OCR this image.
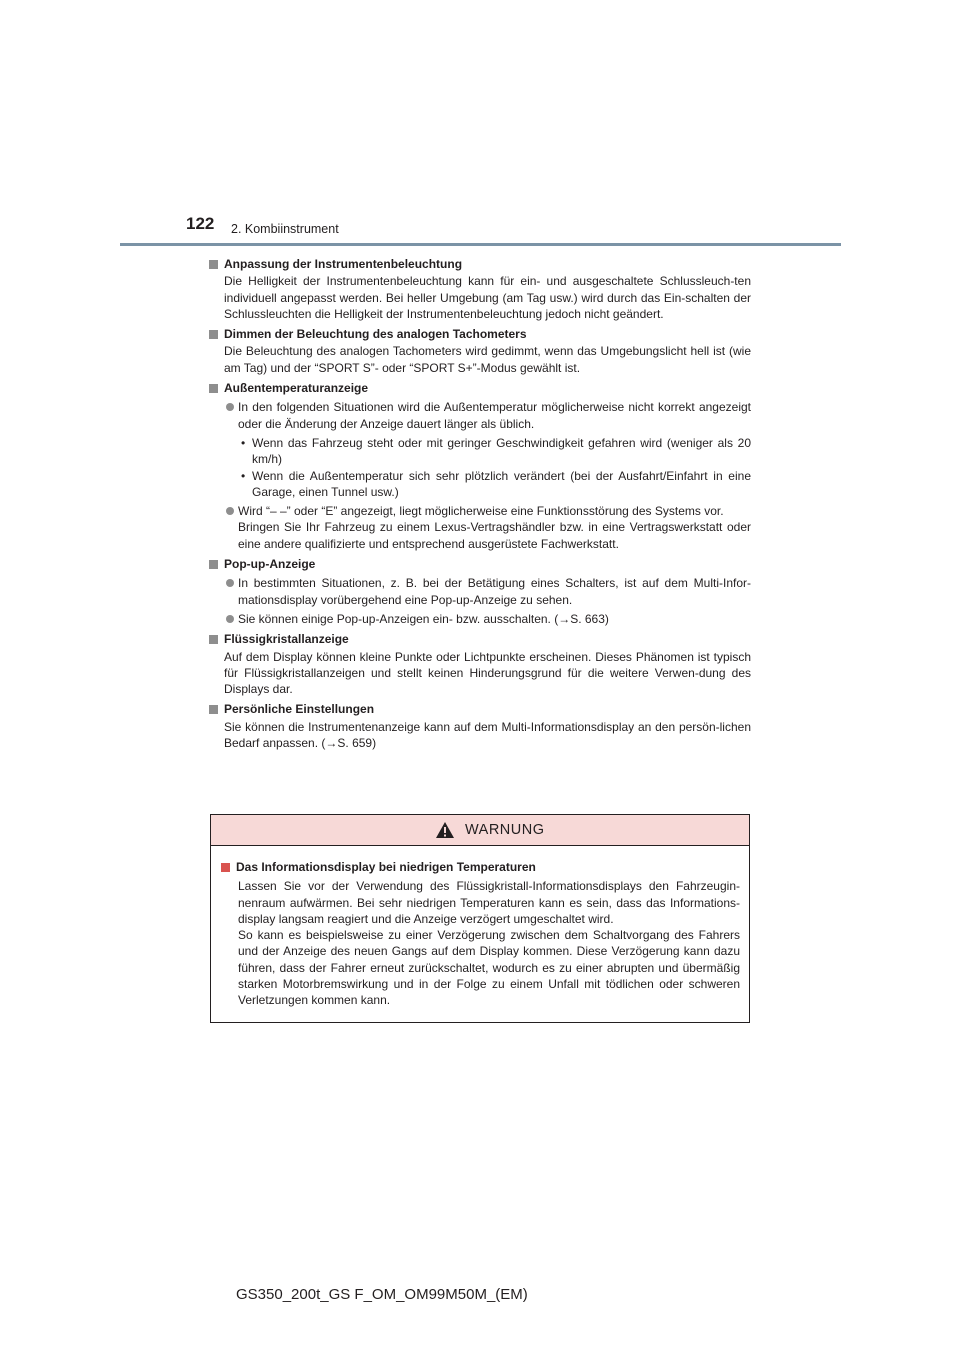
122 2. Kombiinstrument
Anpassung der Instrumentenbeleuchtung
Die Helligkeit der Instrumentenbeleuchtung kann für ein- und ausgeschaltete Schlussleuch-ten individuell angepasst werden. Bei heller Umgebung (am Tag usw.) wird durch das Ein-schalten der Schlussleuchten die Helligkeit der Instrumentenbeleuchtung jedoch nicht geändert.
Dimmen der Beleuchtung des analogen Tachometers
Die Beleuchtung des analogen Tachometers wird gedimmt, wenn das Umgebungslicht hell ist (wie am Tag) und der “SPORT S”- oder “SPORT S+”-Modus gewählt ist.
Außentemperaturanzeige
In den folgenden Situationen wird die Außentemperatur möglicherweise nicht korrekt angezeigt oder die Änderung der Anzeige dauert länger als üblich.
• Wenn das Fahrzeug steht oder mit geringer Geschwindigkeit gefahren wird (weniger als 20 km/h)
• Wenn die Außentemperatur sich sehr plötzlich verändert (bei der Ausfahrt/Einfahrt in eine Garage, einen Tunnel usw.)
Wird “– –” oder “E” angezeigt, liegt möglicherweise eine Funktionsstörung des Systems vor.
Bringen Sie Ihr Fahrzeug zu einem Lexus-Vertragshändler bzw. in eine Vertragswerkstatt oder eine andere qualifizierte und entsprechend ausgerüstete Fachwerkstatt.
Pop-up-Anzeige
In bestimmten Situationen, z. B. bei der Betätigung eines Schalters, ist auf dem Multi-Infor-mationsdisplay vorübergehend eine Pop-up-Anzeige zu sehen.
Sie können einige Pop-up-Anzeigen ein- bzw. ausschalten. (→S. 663)
Flüssigkristallanzeige
Auf dem Display können kleine Punkte oder Lichtpunkte erscheinen. Dieses Phänomen ist typisch für Flüssigkristallanzeigen und stellt keinen Hinderungsgrund für die weitere Verwen-dung des Displays dar.
Persönliche Einstellungen
Sie können die Instrumentenanzeige kann auf dem Multi-Informationsdisplay an den persön-lichen Bedarf anpassen. (→S. 659)
WARNUNG
Das Informationsdisplay bei niedrigen Temperaturen
Lassen Sie vor der Verwendung des Flüssigkristall-Informationsdisplays den Fahrzeugin-nenraum aufwärmen. Bei sehr niedrigen Temperaturen kann es sein, dass das Informations-display langsam reagiert und die Anzeige verzögert umgeschaltet wird.
So kann es beispielsweise zu einer Verzögerung zwischen dem Schaltvorgang des Fahrers und der Anzeige des neuen Gangs auf dem Display kommen. Diese Verzögerung kann dazu führen, dass der Fahrer erneut zurückschaltet, wodurch es zu einer abrupten und übermäßig starken Motorbremswirkung und in der Folge zu einem Unfall mit tödlichen oder schweren Verletzungen kommen kann.
GS350_200t_GS F_OM_OM99M50M_(EM)
